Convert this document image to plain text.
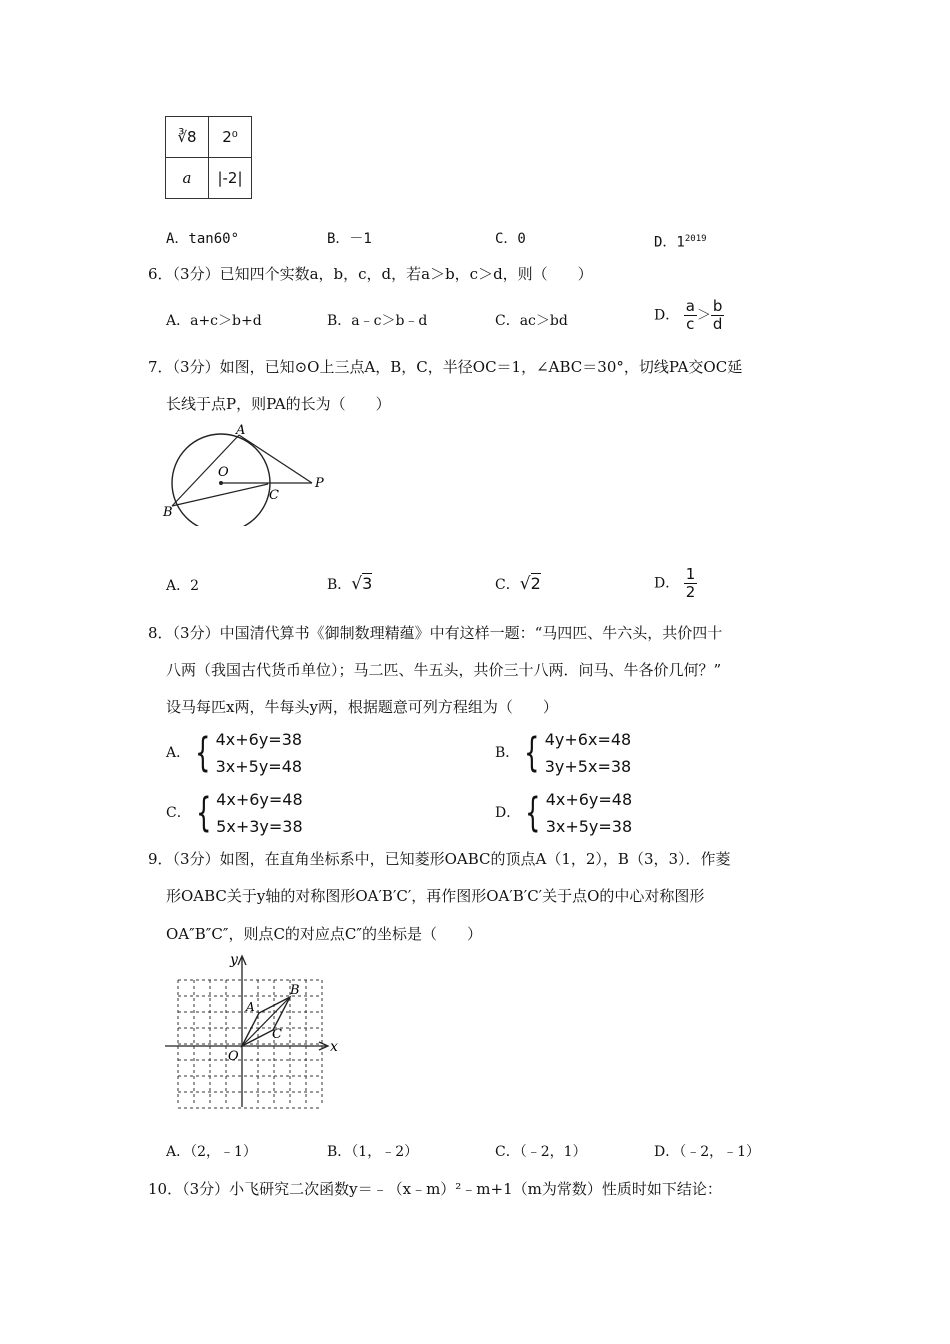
∛8	2⁰
a	|-2|
A．tan60°	B．－1	C．0	D．$1^{2019}$
6．（3分）已知四个实数a，b，c，d，若a＞b，c＞d，则（　　）
A．a+c＞b+d	B．a﹣c＞b﹣d	C．ac＞bd	D． $\frac{a}{c} > \frac{b}{d}$
7．（3分）如图，已知⊙O上三点A，B，C，半径OC＝1，∠ABC＝30°，切线PA交OC延
长线于点P，则PA的长为（　　）
A
O
B
C
P
A．2	B．√3	C．√2	D． $\frac{1}{2}$
8．（3分）中国清代算书《御制数理精蕴》中有这样一题：“马四匹、牛六头，共价四十
八两（我国古代货币单位）；马二匹、牛五头，共价三十八两．问马、牛各价几何？”
设马每匹x两，牛每头y两，根据题意可列方程组为（　　）
A． { 4x+6y=38
3x+5y=48
B． { 4y+6x=48
3y+5x=38
C． { 4x+6y=48
5x+3y=38
D． { 4x+6y=48
3x+5y=38
9．（3分）如图，在直角坐标系中，已知菱形OABC的顶点A（1，2），B（3，3）．作菱
形OABC关于y轴的对称图形OA′B′C′，再作图形OA′B′C′关于点O的中心对称图形
OA″B″C″，则点C的对应点C″的坐标是（　　）
y
x
O
A
B
C
A．（2，﹣1）	B．（1，﹣2）	C．（﹣2，1）	D．（﹣2，﹣1）
10．（3分）小飞研究二次函数y＝﹣（x﹣m）²﹣m+1（m为常数）性质时如下结论：
